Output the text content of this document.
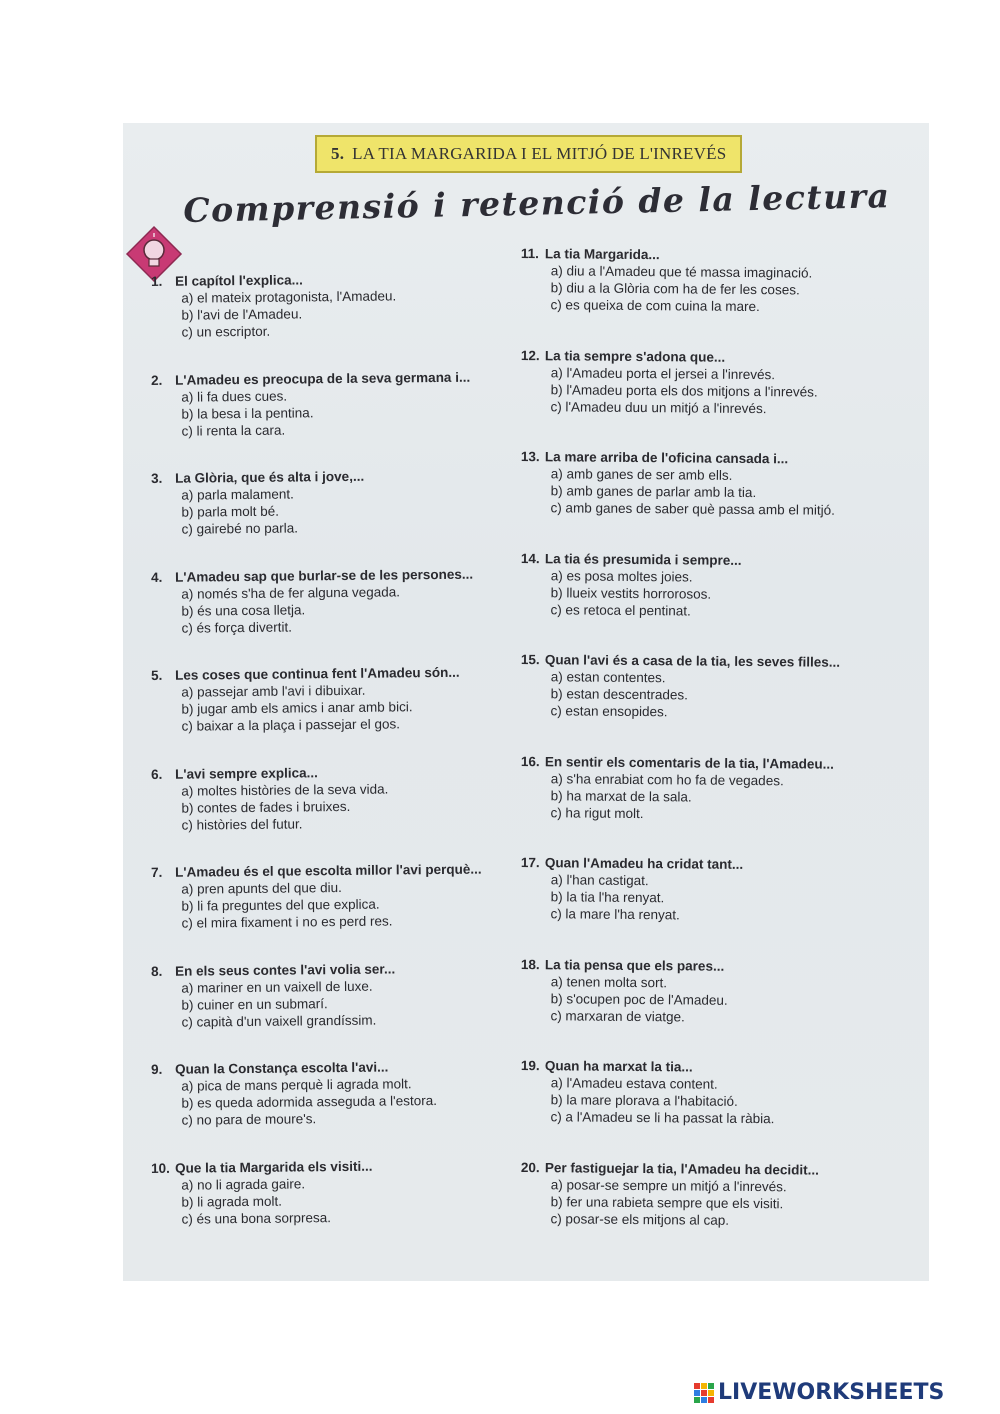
5. LA TIA MARGARIDA I EL MITJÓ DE L'INREVÉS
Comprensió i retenció de la lectura
1. El capítol l'explica...
a) el mateix protagonista, l'Amadeu.
b) l'avi de l'Amadeu.
c) un escriptor.
2. L'Amadeu es preocupa de la seva germana i...
a) li fa dues cues.
b) la besa i la pentina.
c) li renta la cara.
3. La Glòria, que és alta i jove,...
a) parla malament.
b) parla molt bé.
c) gairebé no parla.
4. L'Amadeu sap que burlar-se de les persones...
a) només s'ha de fer alguna vegada.
b) és una cosa lletja.
c) és força divertit.
5. Les coses que continua fent l'Amadeu són...
a) passejar amb l'avi i dibuixar.
b) jugar amb els amics i anar amb bici.
c) baixar a la plaça i passejar el gos.
6. L'avi sempre explica...
a) moltes històries de la seva vida.
b) contes de fades i bruixes.
c) històries del futur.
7. L'Amadeu és el que escolta millor l'avi perquè...
a) pren apunts del que diu.
b) li fa preguntes del que explica.
c) el mira fixament i no es perd res.
8. En els seus contes l'avi volia ser...
a) mariner en un vaixell de luxe.
b) cuiner en un submarí.
c) capità d'un vaixell grandíssim.
9. Quan la Constança escolta l'avi...
a) pica de mans perquè li agrada molt.
b) es queda adormida asseguda a l'estora.
c) no para de moure's.
10. Que la tia Margarida els visiti...
a) no li agrada gaire.
b) li agrada molt.
c) és una bona sorpresa.
11. La tia Margarida...
a) diu a l'Amadeu que té massa imaginació.
b) diu a la Glòria com ha de fer les coses.
c) es queixa de com cuina la mare.
12. La tia sempre s'adona que...
a) l'Amadeu porta el jersei a l'inrevés.
b) l'Amadeu porta els dos mitjons a l'inrevés.
c) l'Amadeu duu un mitjó a l'inrevés.
13. La mare arriba de l'oficina cansada i...
a) amb ganes de ser amb ells.
b) amb ganes de parlar amb la tia.
c) amb ganes de saber què passa amb el mitjó.
14. La tia és presumida i sempre...
a) es posa moltes joies.
b) llueix vestits horrorosos.
c) es retoca el pentinat.
15. Quan l'avi és a casa de la tia, les seves filles...
a) estan contentes.
b) estan descentrades.
c) estan ensopides.
16. En sentir els comentaris de la tia, l'Amadeu...
a) s'ha enrabiat com ho fa de vegades.
b) ha marxat de la sala.
c) ha rigut molt.
17. Quan l'Amadeu ha cridat tant...
a) l'han castigat.
b) la tia l'ha renyat.
c) la mare l'ha renyat.
18. La tia pensa que els pares...
a) tenen molta sort.
b) s'ocupen poc de l'Amadeu.
c) marxaran de viatge.
19. Quan ha marxat la tia...
a) l'Amadeu estava content.
b) la mare plorava a l'habitació.
c) a l'Amadeu se li ha passat la ràbia.
20. Per fastiguejar la tia, l'Amadeu ha decidit...
a) posar-se sempre un mitjó a l'inrevés.
b) fer una rabieta sempre que els visiti.
c) posar-se els mitjons al cap.
LIVEWORKSHEETS
